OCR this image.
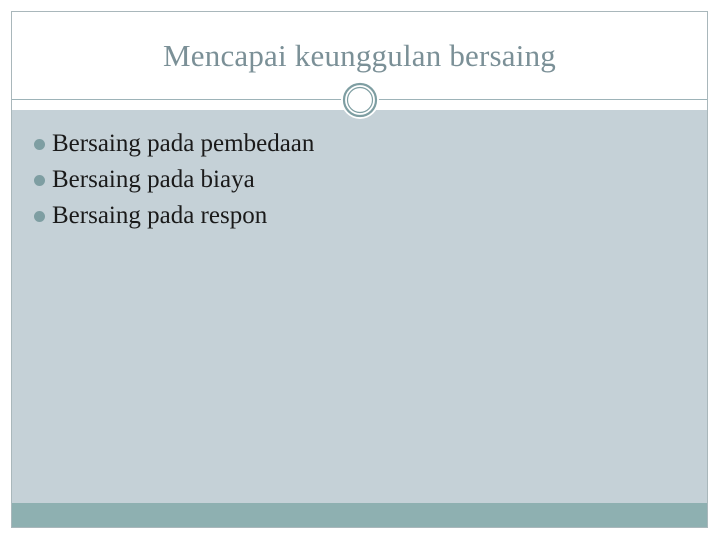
Mencapai keunggulan bersaing
Bersaing pada pembedaan
Bersaing pada biaya
Bersaing pada respon
